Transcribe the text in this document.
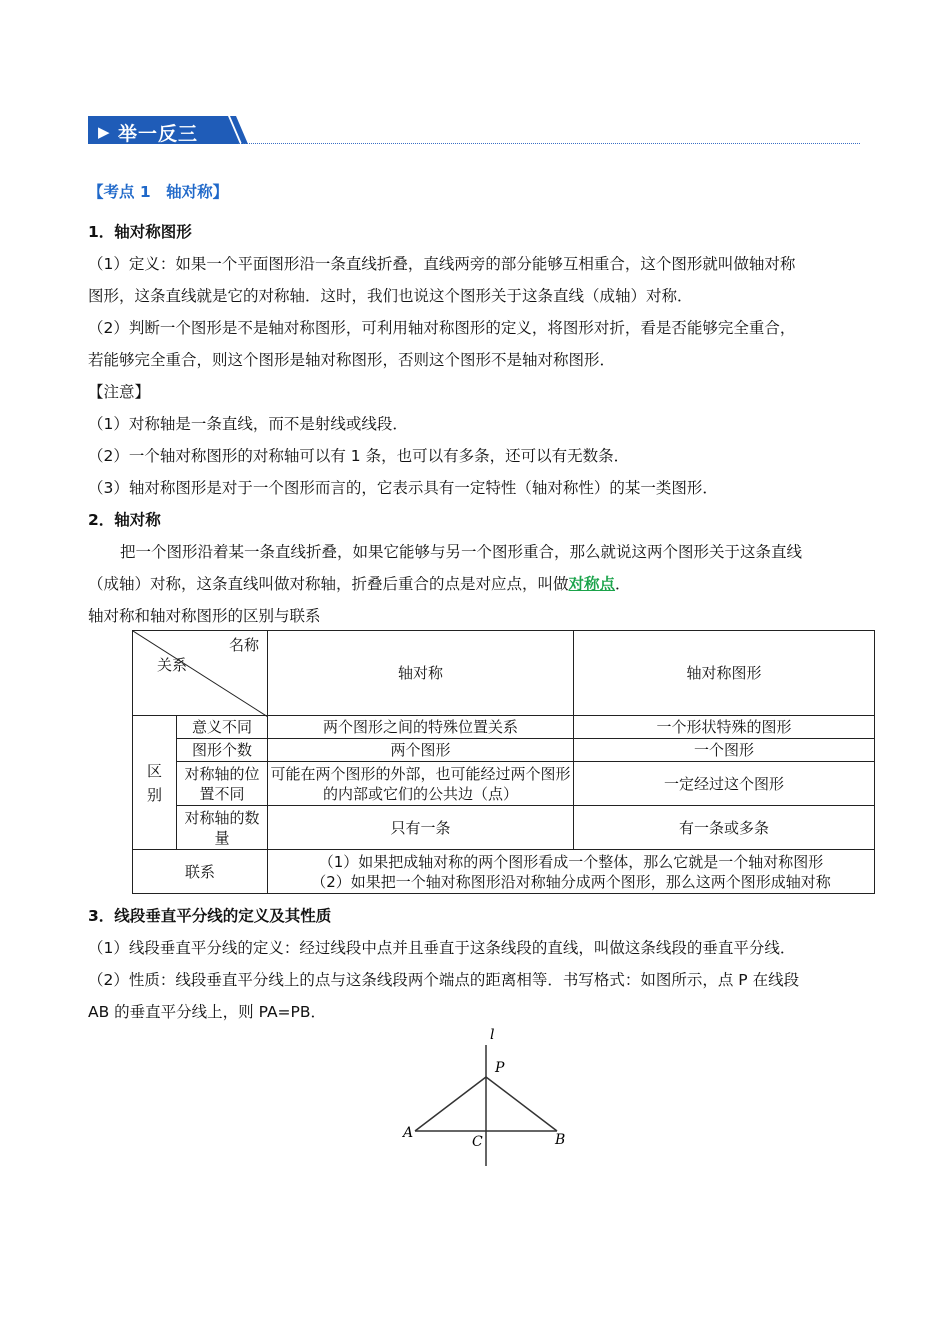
▶ 举一反三
【考点 1　轴对称】
1．轴对称图形
（1）定义：如果一个平面图形沿一条直线折叠，直线两旁的部分能够互相重合，这个图形就叫做轴对称
图形，这条直线就是它的对称轴．这时，我们也说这个图形关于这条直线（成轴）对称．
（2）判断一个图形是不是轴对称图形，可利用轴对称图形的定义，将图形对折，看是否能够完全重合，
若能够完全重合，则这个图形是轴对称图形，否则这个图形不是轴对称图形．
【注意】
（1）对称轴是一条直线，而不是射线或线段．
（2）一个轴对称图形的对称轴可以有 1 条，也可以有多条，还可以有无数条．
（3）轴对称图形是对于一个图形而言的，它表示具有一定特性（轴对称性）的某一类图形．
2．轴对称
把一个图形沿着某一条直线折叠，如果它能够与另一个图形重合，那么就说这两个图形关于这条直线
（成轴）对称，这条直线叫做对称轴，折叠后重合的点是对应点，叫做对称点．
轴对称和轴对称图形的区别与联系
名称
关系		轴对称	轴对称图形

区别	意义不同	两个图形之间的特殊位置关系	一个形状特殊的图形
	图形个数	两个图形	一个图形
	对称轴的位置不同	可能在两个图形的外部，也可能经过两个图形的内部或它们的公共边（点）	一定经过这个图形
	对称轴的数量	只有一条	有一条或多条
联系		（1）如果把成轴对称的两个图形看成一个整体，那么它就是一个轴对称图形
（2）如果把一个轴对称图形沿对称轴分成两个图形，那么这两个图形成轴对称	
3．线段垂直平分线的定义及其性质
（1）线段垂直平分线的定义：经过线段中点并且垂直于这条线段的直线，叫做这条线段的垂直平分线．
（2）性质：线段垂直平分线上的点与这条线段两个端点的距离相等．书写格式：如图所示，点 P 在线段
AB 的垂直平分线上，则 PA=PB．
l
P
A	B
C
